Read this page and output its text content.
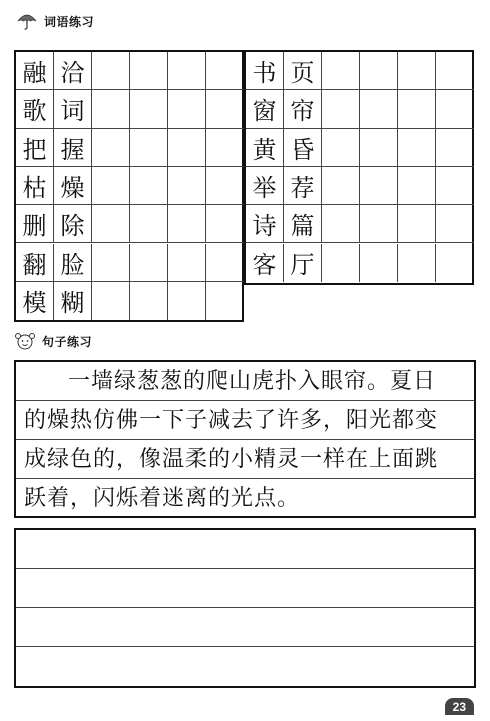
词语练习
融 洽
歌 词
把 握
枯 燥
删 除
翻 脸
模 糊
书 页
窗 帘
黄 昏
举 荐
诗 篇
客 厅
句子练习
一墙绿葱葱的爬山虎扑入眼帘。夏日
的燥热仿佛一下子减去了许多，阳光都变
成绿色的，像温柔的小精灵一样在上面跳
跃着，闪烁着迷离的光点。
23
